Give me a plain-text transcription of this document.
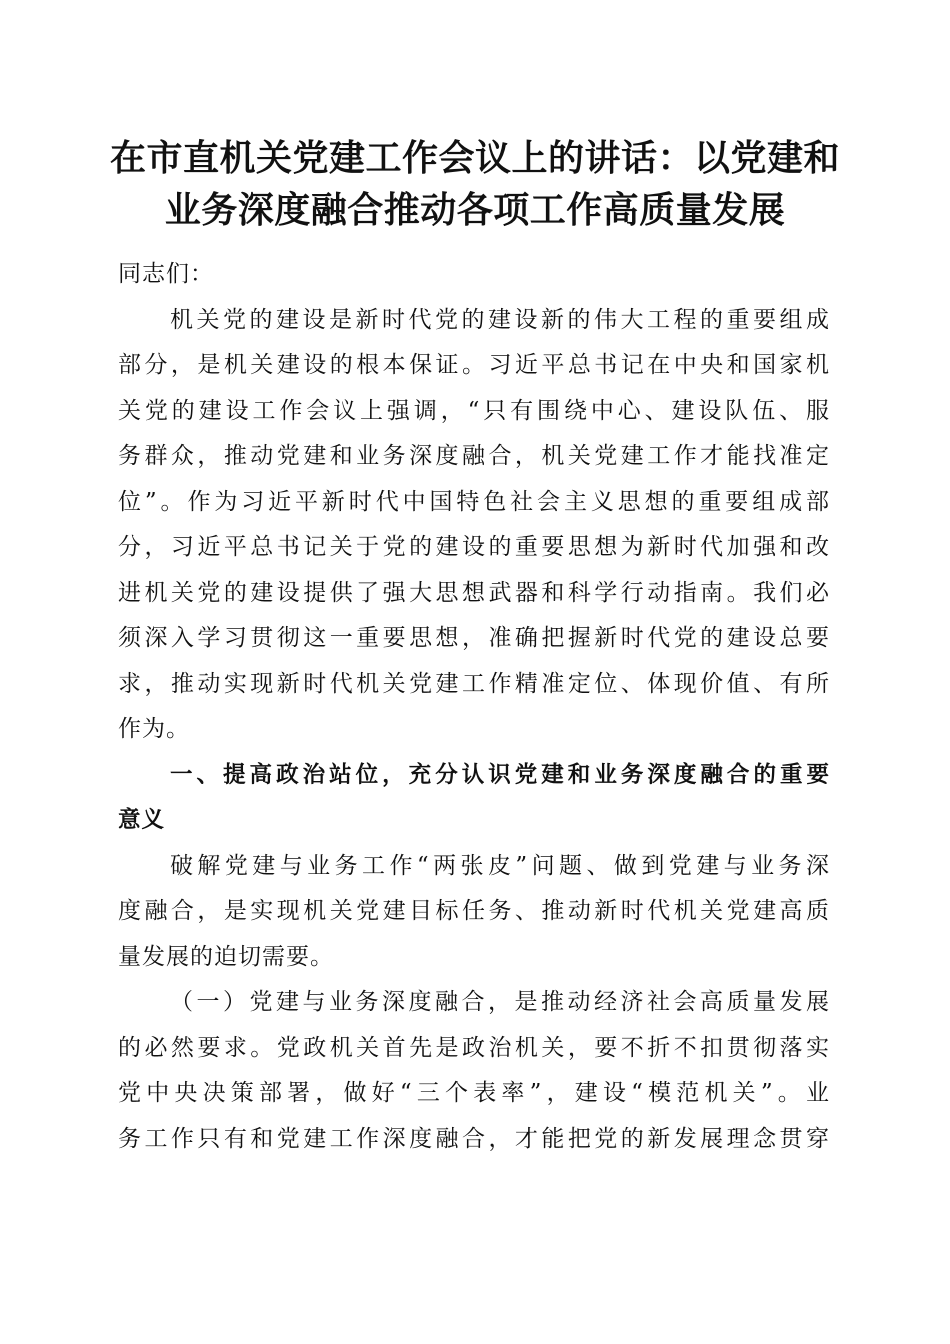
在市直机关党建工作会议上的讲话：以党建和
业务深度融合推动各项工作高质量发展
同志们：
机关党的建设是新时代党的建设新的伟大工程的重要组成
部分，是机关建设的根本保证。习近平总书记在中央和国家机
关党的建设工作会议上强调，“只有围绕中心、建设队伍、服
务群众，推动党建和业务深度融合，机关党建工作才能找准定
位”。作为习近平新时代中国特色社会主义思想的重要组成部
分，习近平总书记关于党的建设的重要思想为新时代加强和改
进机关党的建设提供了强大思想武器和科学行动指南。我们必
须深入学习贯彻这一重要思想，准确把握新时代党的建设总要
求，推动实现新时代机关党建工作精准定位、体现价值、有所
作为。
一、提高政治站位，充分认识党建和业务深度融合的重要
意义
破解党建与业务工作“两张皮”问题、做到党建与业务深
度融合，是实现机关党建目标任务、推动新时代机关党建高质
量发展的迫切需要。
（一）党建与业务深度融合，是推动经济社会高质量发展
的必然要求。党政机关首先是政治机关，要不折不扣贯彻落实
党中央决策部署，做好“三个表率”，建设“模范机关”。业
务工作只有和党建工作深度融合，才能把党的新发展理念贯穿
